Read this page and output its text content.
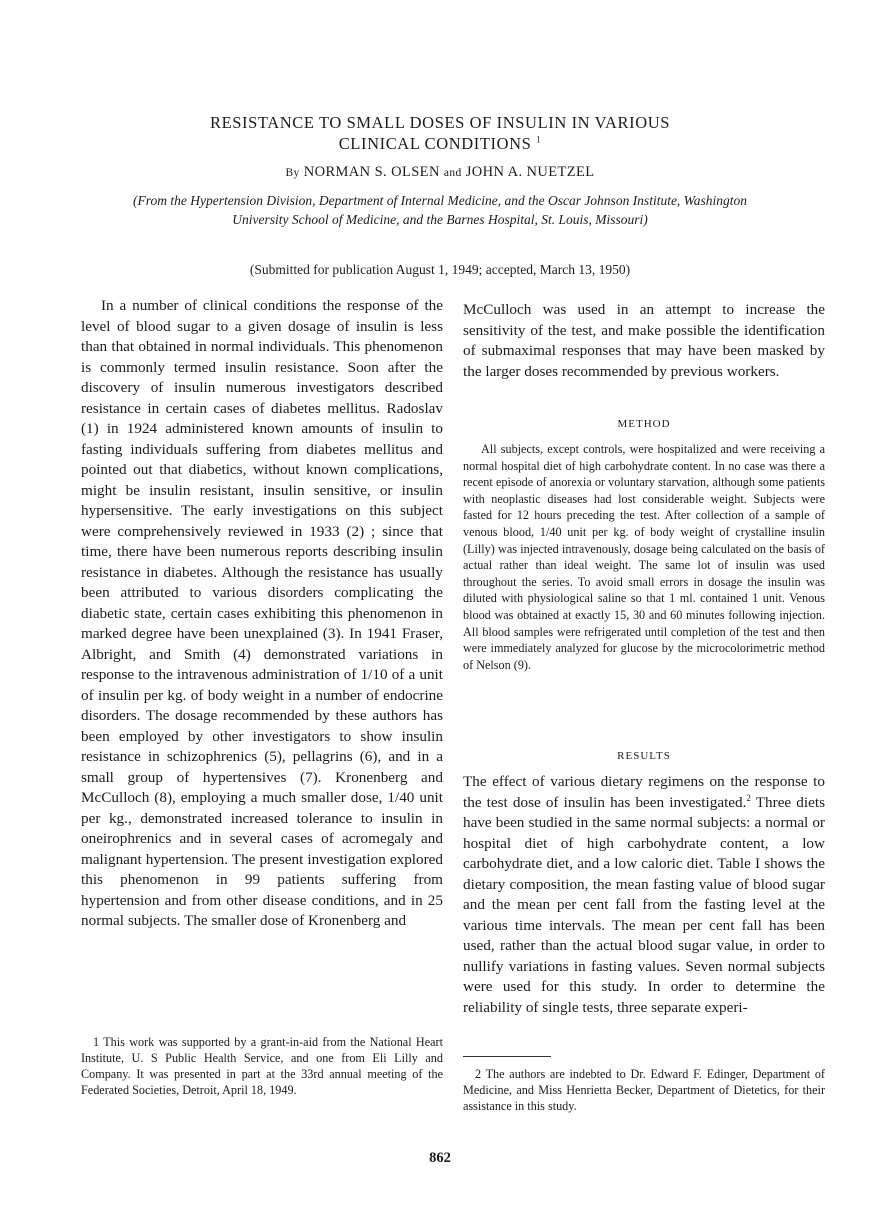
RESISTANCE TO SMALL DOSES OF INSULIN IN VARIOUS
CLINICAL CONDITIONS $^1$
By NORMAN S. OLSEN and JOHN A. NUETZEL
(From the Hypertension Division, Department of Internal Medicine, and the Oscar Johnson Institute, Washington University School of Medicine, and the Barnes Hospital, St. Louis, Missouri)
(Submitted for publication August 1, 1949; accepted, March 13, 1950)

In a number of clinical conditions the response of the level of blood sugar to a given dosage of insulin is less than that obtained in normal individuals. This phenomenon is commonly termed insulin resistance. Soon after the discovery of insulin numerous investigators described resistance in certain cases of diabetes mellitus. Radoslav (1) in 1924 administered known amounts of insulin to fasting individuals suffering from diabetes mellitus and pointed out that diabetics, without known complications, might be insulin resistant, insulin sensitive, or insulin hypersensitive. The early investigations on this subject were comprehensively reviewed in 1933 (2) ; since that time, there have been numerous reports describing insulin resistance in diabetes. Although the resistance has usually been attributed to various disorders complicating the diabetic state, certain cases exhibiting this phenomenon in marked degree have been unexplained (3). In 1941 Fraser, Albright, and Smith (4) demonstrated variations in response to the intravenous administration of 1/10 of a unit of insulin per kg. of body weight in a number of endocrine disorders. The dosage recommended by these authors has been employed by other investigators to show insulin resistance in schizophrenics (5), pellagrins (6), and in a small group of hypertensives (7). Kronenberg and McCulloch (8), employing a much smaller dose, 1/40 unit per kg., demonstrated increased tolerance to insulin in oneirophrenics and in several cases of acromegaly and malignant hypertension. The present investigation explored this phenomenon in 99 patients suffering from hypertension and from other disease conditions, and in 25 normal subjects. The smaller dose of Kronenberg and

1 This work was supported by a grant-in-aid from the National Heart Institute, U. S Public Health Service, and one from Eli Lilly and Company. It was presented in part at the 33rd annual meeting of the Federated Societies, Detroit, April 18, 1949.

McCulloch was used in an attempt to increase the sensitivity of the test, and make possible the identification of submaximal responses that may have been masked by the larger doses recommended by previous workers.

METHOD

All subjects, except controls, were hospitalized and were receiving a normal hospital diet of high carbohydrate content. In no case was there a recent episode of anorexia or voluntary starvation, although some patients with neoplastic diseases had lost considerable weight. Subjects were fasted for 12 hours preceding the test. After collection of a sample of venous blood, 1/40 unit per kg. of body weight of crystalline insulin (Lilly) was injected intravenously, dosage being calculated on the basis of actual rather than ideal weight. The same lot of insulin was used throughout the series. To avoid small errors in dosage the insulin was diluted with physiological saline so that 1 ml. contained 1 unit. Venous blood was obtained at exactly 15, 30 and 60 minutes following injection. All blood samples were refrigerated until completion of the test and then were immediately analyzed for glucose by the microcolorimetric method of Nelson (9).

RESULTS

The effect of various dietary regimens on the response to the test dose of insulin has been investigated.$^2$ Three diets have been studied in the same normal subjects: a normal or hospital diet of high carbohydrate content, a low carbohydrate diet, and a low caloric diet. Table I shows the dietary composition, the mean fasting value of blood sugar and the mean per cent fall from the fasting level at the various time intervals. The mean per cent fall has been used, rather than the actual blood sugar value, in order to nullify variations in fasting values. Seven normal subjects were used for this study. In order to determine the reliability of single tests, three separate experi-

2 The authors are indebted to Dr. Edward F. Edinger, Department of Medicine, and Miss Henrietta Becker, Department of Dietetics, for their assistance in this study.

862
